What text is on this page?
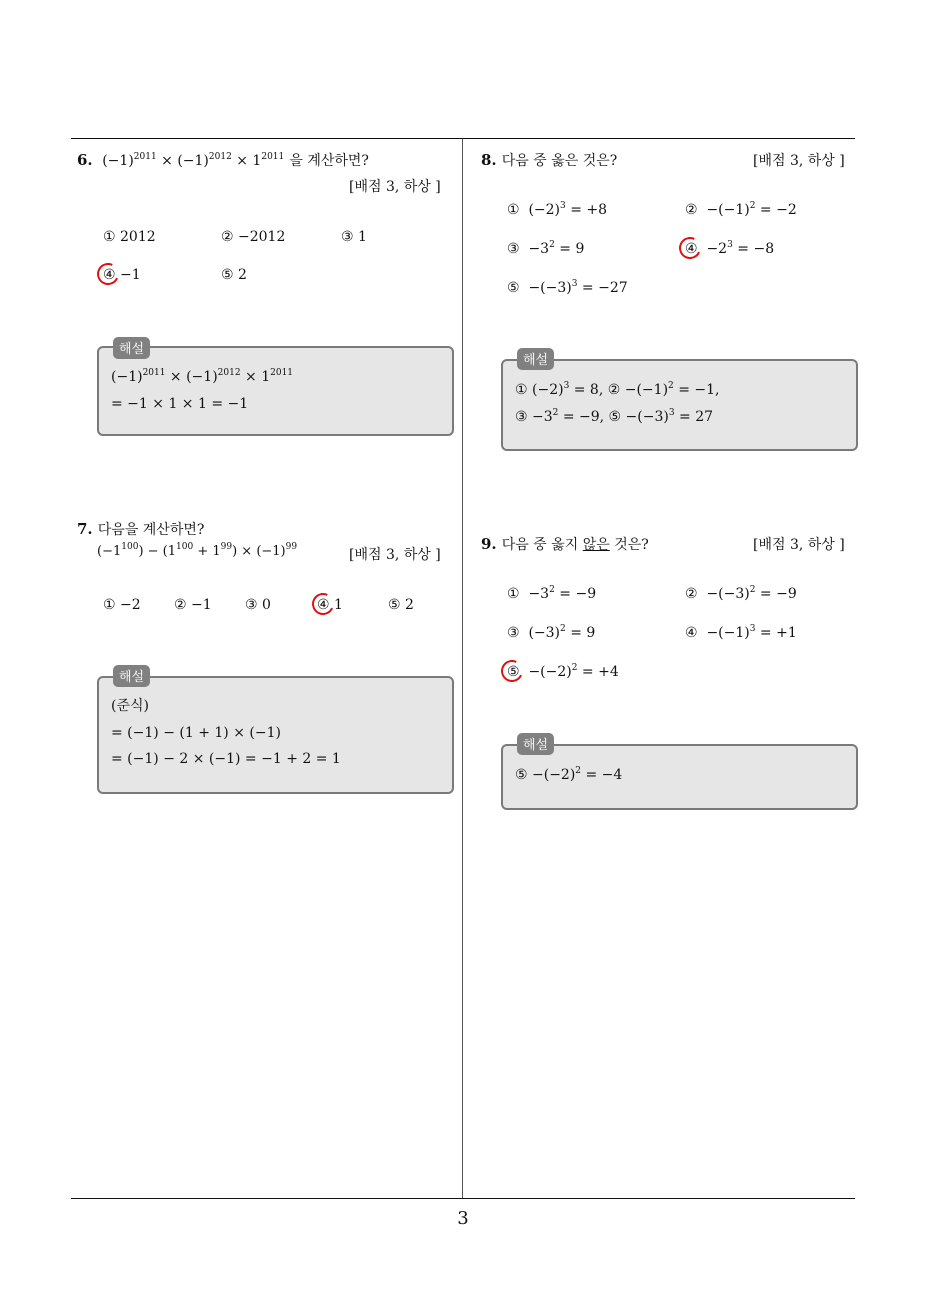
6.  $(-1)^{2011} \times (-1)^{2012} \times 1^{2011}$ 을 계산하면?
[배점 3, 하상 ]
① 2012	② −2012	③ 1
④ −1	⑤ 2
해설
$(-1)^{2011} \times (-1)^{2012} \times 1^{2011}$
= −1 × 1 × 1 = −1
7. 다음을 계산하면?
$(-1^{100}) - (1^{100} + 1^{99}) \times (-1)^{99}$	[배점 3, 하상 ]
① −2 ② −1 ③ 0	④ 1	⑤ 2
해설
(준식)
= (−1) − (1 + 1) × (−1)
= (−1) − 2 × (−1) = −1 + 2 = 1
8. 다음 중 옳은 것은?	[배점 3, 하상 ]
①  $(-2)^3 = +8$	②  $-(-1)^2 = -2$
③  $-3^2 = 9$	④  $-2^3 = -8$
⑤  $-(-3)^3 = -27$
해설
① $(-2)^3 = 8$, ② $-(-1)^2 = -1$,
③ $-3^2 = -9$, ⑤ $-(-3)^3 = 27$
9. 다음 중 옳지 않은 것은?	[배점 3, 하상 ]
①  $-3^2 = -9$	②  $-(-3)^2 = -9$
③  $(-3)^2 = 9$	④  $-(-1)^3 = +1$
⑤  $-(-2)^2 = +4$
해설
⑤ $-(-2)^2 = -4$
3
